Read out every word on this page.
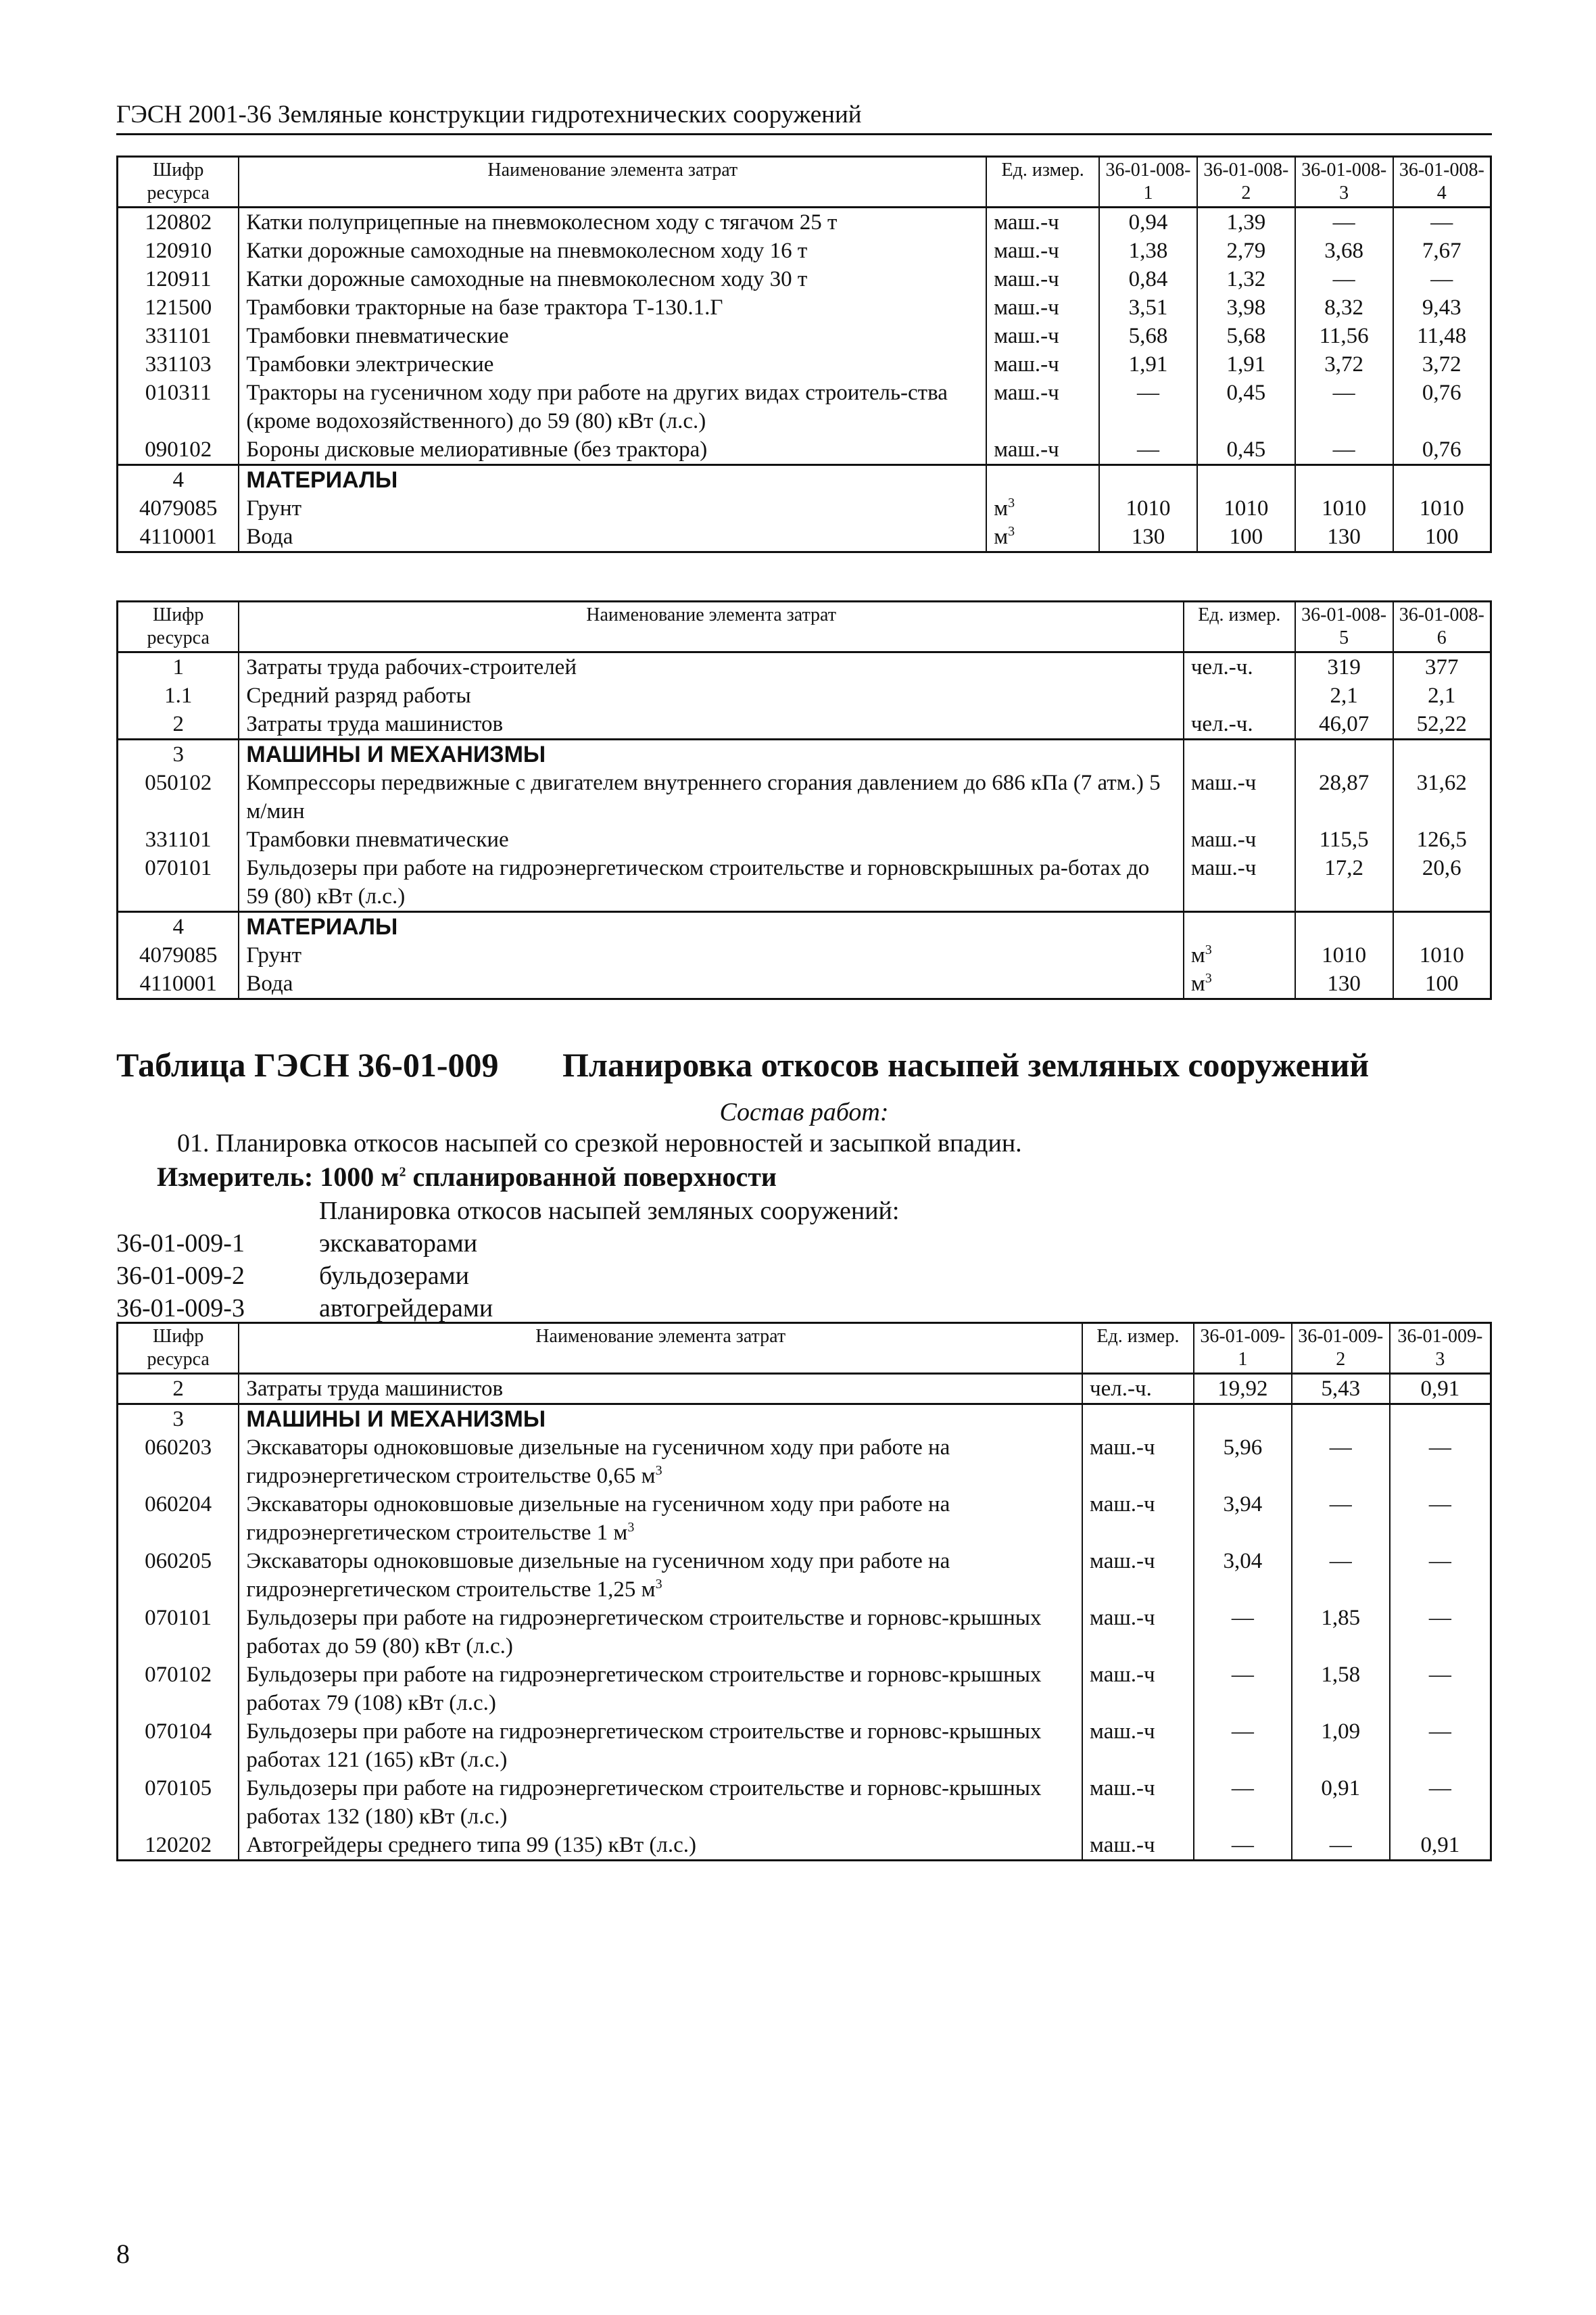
ГЭСН 2001-36 Земляные конструкции гидротехнических сооружений
Шифр ресурса	Наименование элемента затрат	Ед. измер.	36-01-008-1	36-01-008-2	36-01-008-3	36-01-008-4
120802	Катки полуприцепные на пневмоколесном ходу с тягачом 25 т	маш.-ч	0,94	1,39	—	—
120910	Катки дорожные самоходные на пневмоколесном ходу 16 т	маш.-ч	1,38	2,79	3,68	7,67
120911	Катки дорожные самоходные на пневмоколесном ходу 30 т	маш.-ч	0,84	1,32	—	—
121500	Трамбовки тракторные на базе трактора Т-130.1.Г	маш.-ч	3,51	3,98	8,32	9,43
331101	Трамбовки пневматические	маш.-ч	5,68	5,68	11,56	11,48
331103	Трамбовки электрические	маш.-ч	1,91	1,91	3,72	3,72
010311	Тракторы на гусеничном ходу при работе на других видах строитель-ства (кроме водохозяйственного) до 59 (80) кВт (л.с.)	маш.-ч	—	0,45	—	0,76
090102	Бороны дисковые мелиоративные (без трактора)	маш.-ч	—	0,45	—	0,76
4	МАТЕРИАЛЫ					
4079085	Грунт	$м^3$	1010	1010	1010	1010
4110001	Вода	$м^3$	130	100	130	100
Шифр ресурса	Наименование элемента затрат	Ед. измер.	36-01-008-5	36-01-008-6
1	Затраты труда рабочих-строителей	чел.-ч.	319	377
1.1	Средний разряд работы		2,1	2,1
2	Затраты труда машинистов	чел.-ч.	46,07	52,22
3	МАШИНЫ И МЕХАНИЗМЫ			
050102	Компрессоры передвижные с двигателем внутреннего сгорания давлением до 686 кПа (7 атм.) 5 м/мин	маш.-ч	28,87	31,62
331101	Трамбовки пневматические	маш.-ч	115,5	126,5
070101	Бульдозеры при работе на гидроэнергетическом строительстве и горновскрышных ра-ботах до 59 (80) кВт (л.с.)	маш.-ч	17,2	20,6
4	МАТЕРИАЛЫ			
4079085	Грунт	$м^3$	1010	1010
4110001	Вода	$м^3$	130	100
Таблица ГЭСН 36-01-009	Планировка откосов насыпей земляных сооружений
Состав работ:
01. Планировка откосов насыпей со срезкой неровностей и засыпкой впадин.
Измеритель: 1000 $м^2$ спланированной поверхности
Планировка откосов насыпей земляных сооружений:
36-01-009-1	экскаваторами
36-01-009-2	бульдозерами
36-01-009-3	автогрейдерами
Шифр ресурса	Наименование элемента затрат	Ед. измер.	36-01-009-1	36-01-009-2	36-01-009-3
2	Затраты труда машинистов	чел.-ч.	19,92	5,43	0,91
3	МАШИНЫ И МЕХАНИЗМЫ				
060203	Экскаваторы одноковшовые дизельные на гусеничном ходу при работе на гидроэнергетическом строительстве 0,65 $м^3$	маш.-ч	5,96	—	—
060204	Экскаваторы одноковшовые дизельные на гусеничном ходу при работе на гидроэнергетическом строительстве 1 $м^3$	маш.-ч	3,94	—	—
060205	Экскаваторы одноковшовые дизельные на гусеничном ходу при работе на гидроэнергетическом строительстве 1,25 $м^3$	маш.-ч	3,04	—	—
070101	Бульдозеры при работе на гидроэнергетическом строительстве и горновс-крышных работах до 59 (80) кВт (л.с.)	маш.-ч	—	1,85	—
070102	Бульдозеры при работе на гидроэнергетическом строительстве и горновс-крышных работах 79 (108) кВт (л.с.)	маш.-ч	—	1,58	—
070104	Бульдозеры при работе на гидроэнергетическом строительстве и горновс-крышных работах 121 (165) кВт (л.с.)	маш.-ч	—	1,09	—
070105	Бульдозеры при работе на гидроэнергетическом строительстве и горновс-крышных работах 132 (180) кВт (л.с.)	маш.-ч	—	0,91	—
120202	Автогрейдеры среднего типа 99 (135) кВт (л.с.)	маш.-ч	—	—	0,91
8
